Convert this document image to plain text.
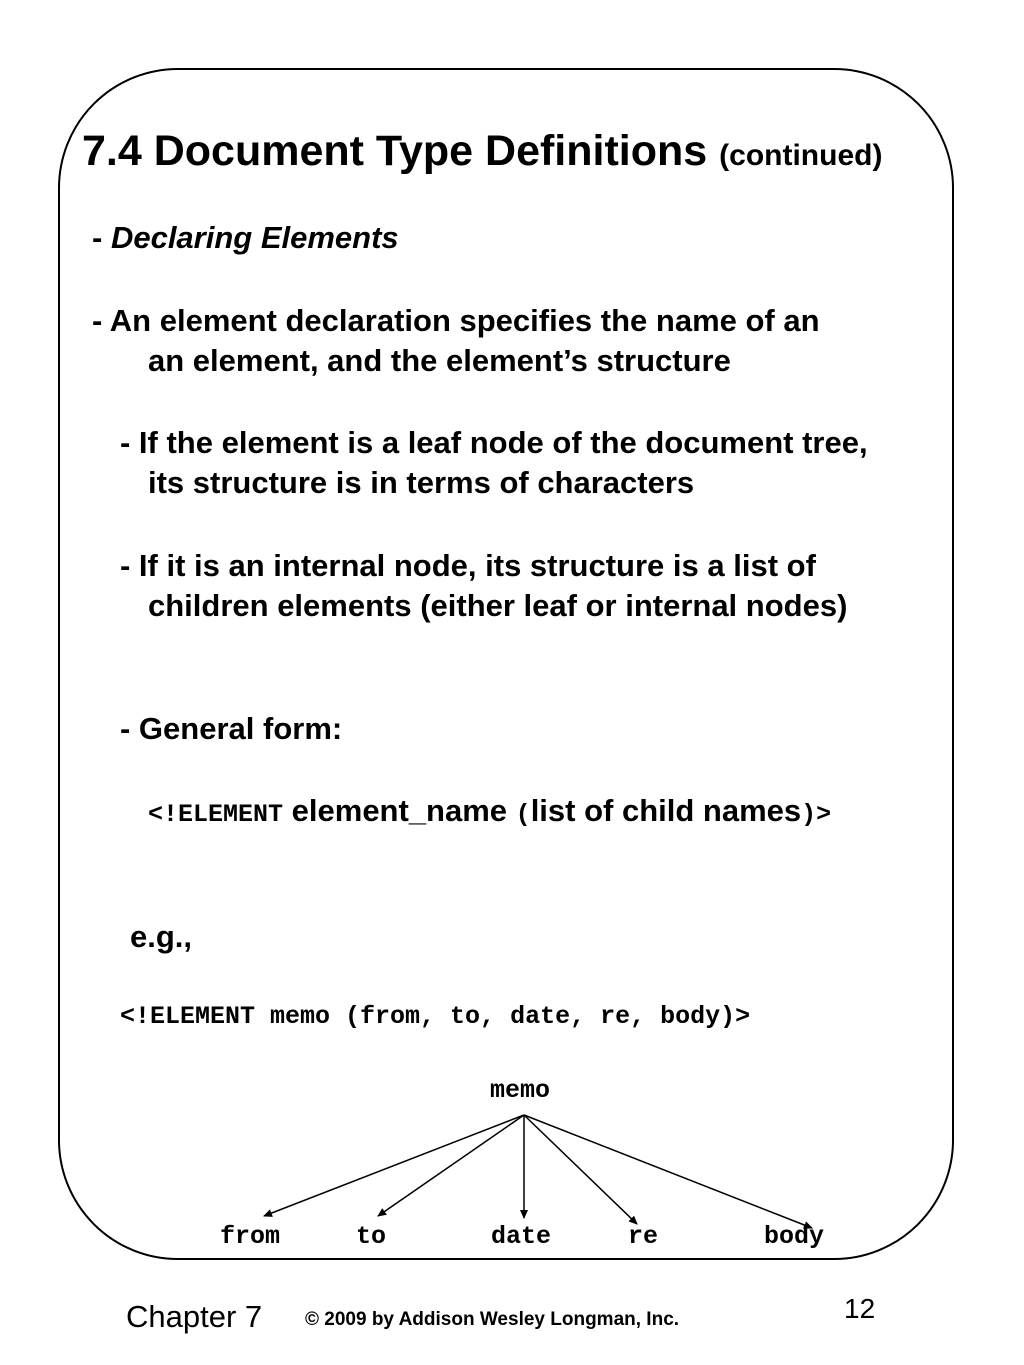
7.4 Document Type Definitions (continued)
- Declaring Elements
- An element declaration specifies the name of an
an element, and the element’s structure
- If the element is a leaf node of the document tree,
its structure is in terms of characters
- If it is an internal node, its structure is a list of
children elements (either leaf or internal nodes)
- General form:
<!ELEMENT element_name (list of child names)>
e.g.,
<!ELEMENT memo (from, to, date, re, body)>
memo
from	to	date	re	body
Chapter 7 © 2009 by Addison Wesley Longman, Inc.	12
